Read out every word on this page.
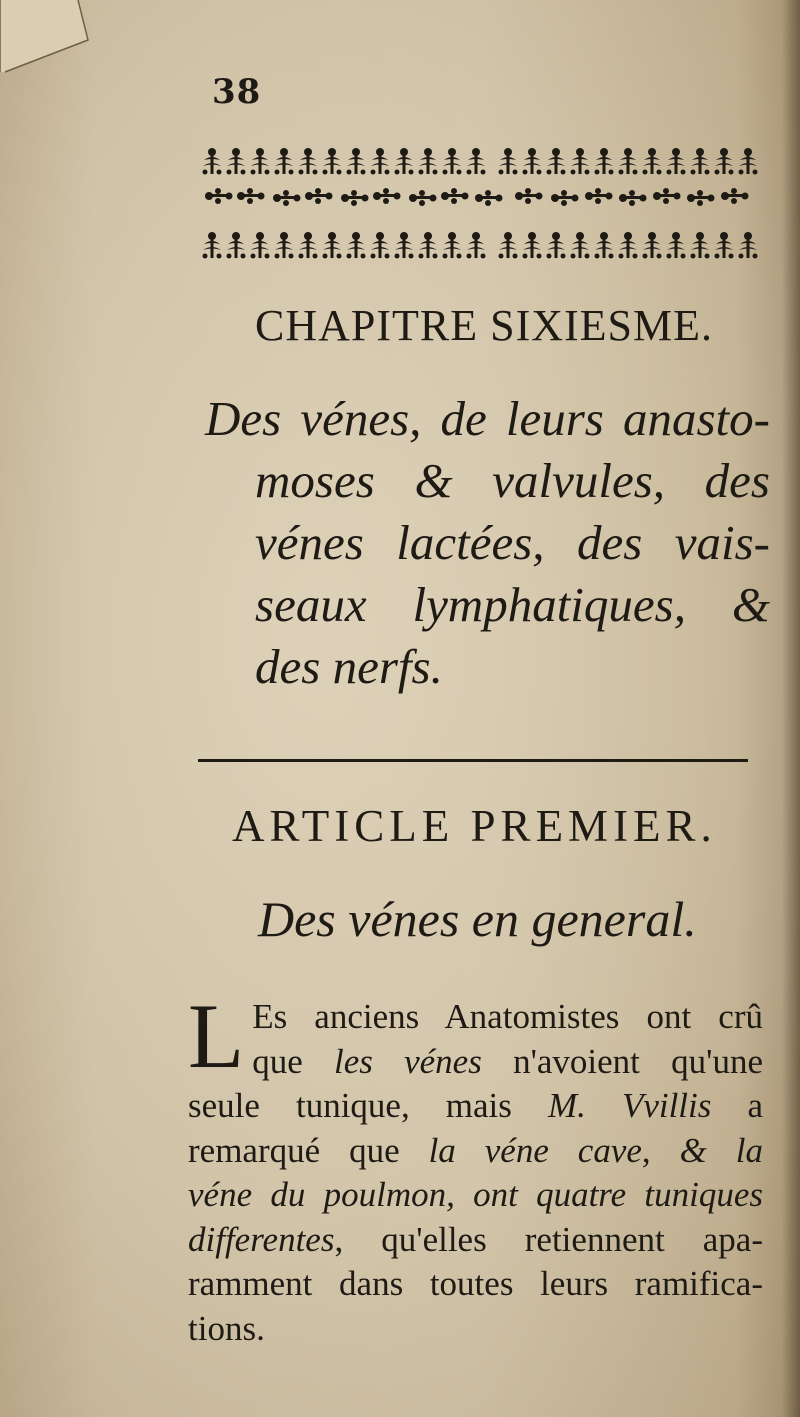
38
CHAPITRE SIXIESME.
Des vénes, de leurs anasto-
moses & valvules, des
vénes lactées, des vais-
seaux lymphatiques, &
des nerfs.
ARTICLE PREMIER.
Des vénes en general.
L Es anciens Anatomistes ont crû
que les vénes n'avoient qu'une
seule tunique, mais M. Vvillis a
remarqué que la véne cave, & la
véne du poulmon, ont quatre tuniques
differentes, qu'elles retiennent apa-
ramment dans toutes leurs ramifica-
tions.
